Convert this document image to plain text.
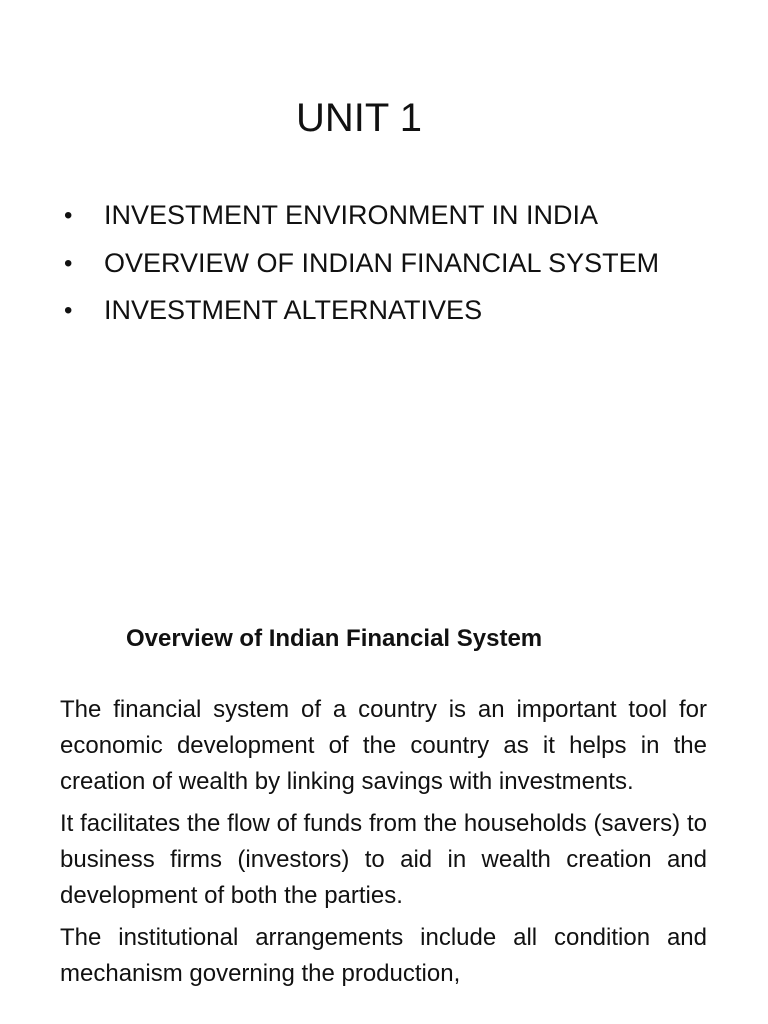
UNIT 1
• INVESTMENT ENVIRONMENT IN INDIA
• OVERVIEW OF INDIAN FINANCIAL SYSTEM
• INVESTMENT ALTERNATIVES
Overview of Indian Financial System

The financial system of a country is an important tool for economic development of the country as it helps in the creation of wealth by linking savings with investments.

It facilitates the flow of funds from the households (savers) to business firms (investors) to aid in wealth creation and development of both the parties.

The institutional arrangements include all condition and mechanism governing the production,
